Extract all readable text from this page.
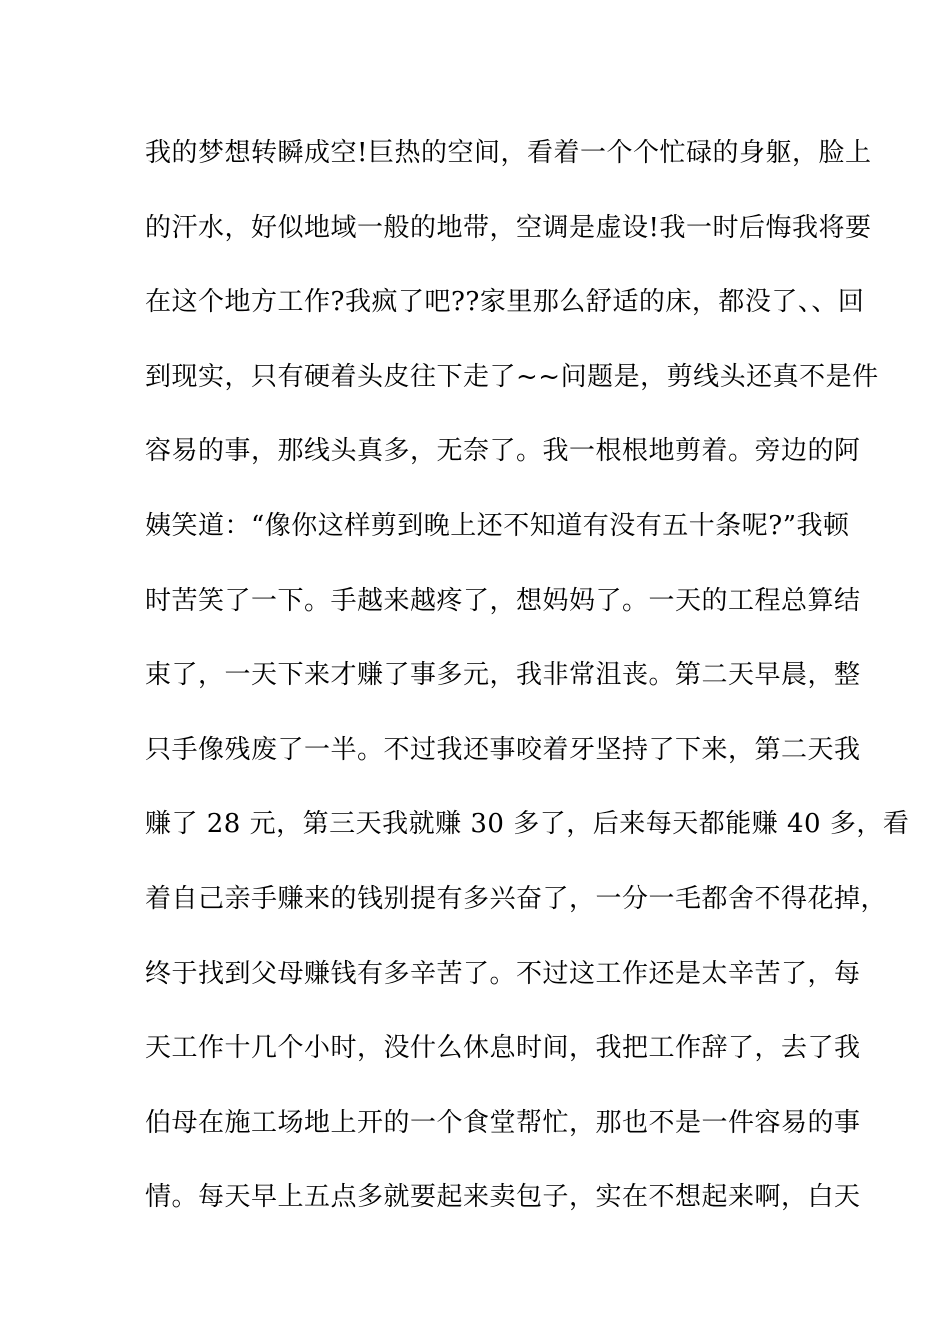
我的梦想转瞬成空!巨热的空间，看着一个个忙碌的身躯，脸上
的汗水，好似地域一般的地带，空调是虚设!我一时后悔我将要
在这个地方工作?我疯了吧??家里那么舒适的床，都没了、、回
到现实，只有硬着头皮往下走了~~问题是，剪线头还真不是件
容易的事，那线头真多，无奈了。我一根根地剪着。旁边的阿
姨笑道：“像你这样剪到晚上还不知道有没有五十条呢?”我顿
时苦笑了一下。手越来越疼了，想妈妈了。一天的工程总算结
束了，一天下来才赚了事多元，我非常沮丧。第二天早晨，整
只手像残废了一半。不过我还事咬着牙坚持了下来，第二天我
赚了 28 元，第三天我就赚 30 多了，后来每天都能赚 40 多，看
着自己亲手赚来的钱别提有多兴奋了，一分一毛都舍不得花掉，
终于找到父母赚钱有多辛苦了。不过这工作还是太辛苦了，每
天工作十几个小时，没什么休息时间，我把工作辞了，去了我
伯母在施工场地上开的一个食堂帮忙，那也不是一件容易的事
情。每天早上五点多就要起来卖包子，实在不想起来啊，白天
